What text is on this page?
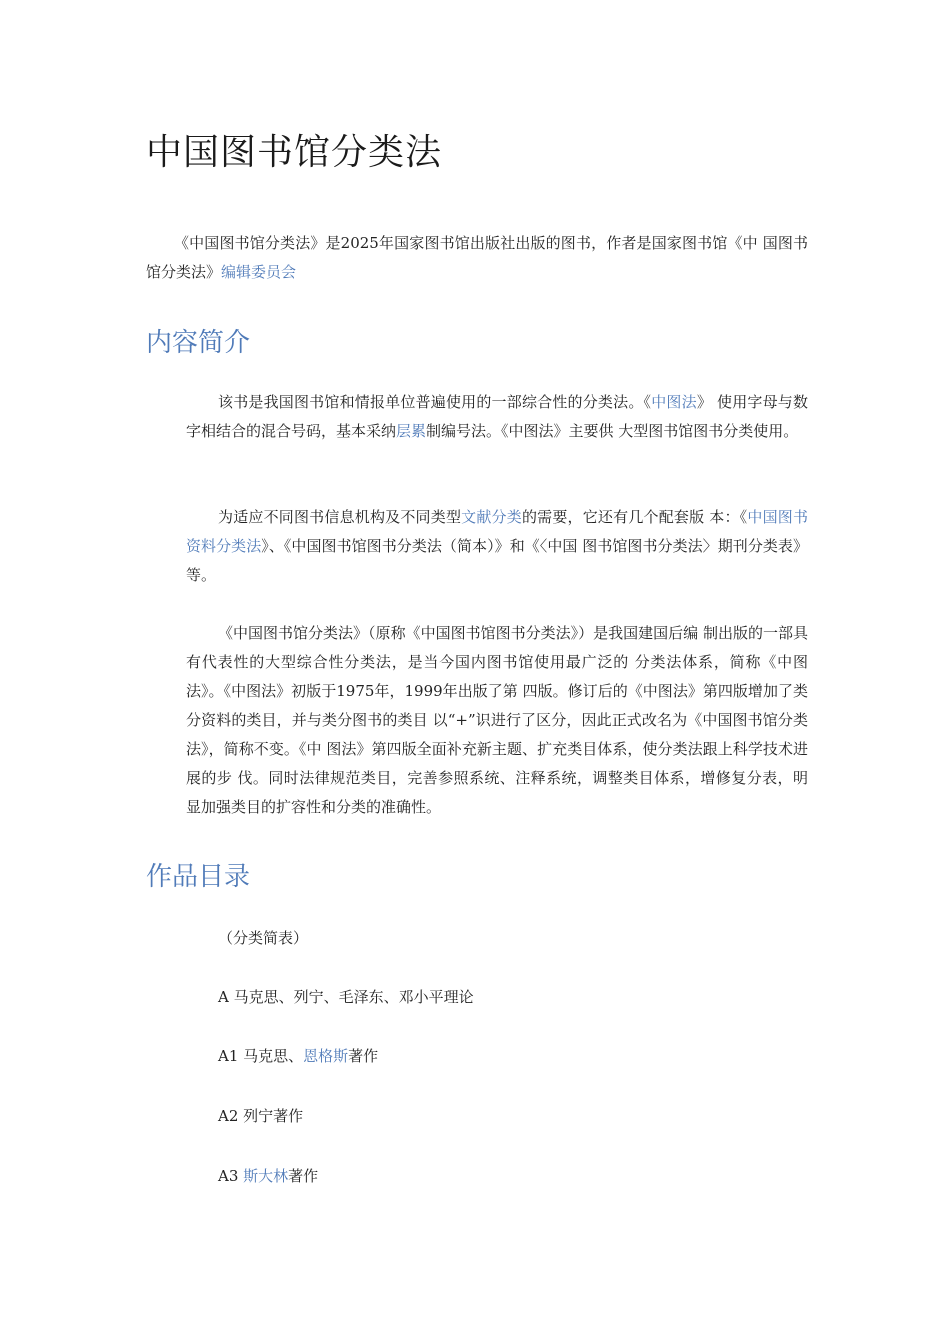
中国图书馆分类法

《中国图书馆分类法》是2025年国家图书馆出版社出版的图书，作者是国家图书馆《中 国图书馆分类法》编辑委员会

内容简介

该书是我国图书馆和情报单位普遍使用的一部综合性的分类法。《中图法》 使用字母与数字相结合的混合号码，基本采纳层累制编号法。《中图法》主要供 大型图书馆图书分类使用。

为适应不同图书信息机构及不同类型文献分类的需要，它还有几个配套版 本：《中国图书资料分类法》、《中国图书馆图书分类法（简本）》和《〈中国 图书馆图书分类法〉期刊分类表》等。

《中国图书馆分类法》（原称《中国图书馆图书分类法》）是我国建国后编 制出版的一部具有代表性的大型综合性分类法，是当今国内图书馆使用最广泛的 分类法体系，简称《中图法》。《中图法》初版于1975年，1999年出版了第 四版。修订后的《中图法》第四版增加了类分资料的类目，并与类分图书的类目 以“+”识进行了区分，因此正式改名为《中国图书馆分类法》，简称不变。《中 图法》第四版全面补充新主题、扩充类目体系，使分类法跟上科学技术进展的步 伐。同时法律规范类目，完善参照系统、注释系统，调整类目体系，增修复分表，明 显加强类目的扩容性和分类的准确性。

作品目录

（分类简表）

A 马克思、列宁、毛泽东、邓小平理论

A1 马克思、恩格斯著作

A2 列宁著作

A3 斯大林著作
